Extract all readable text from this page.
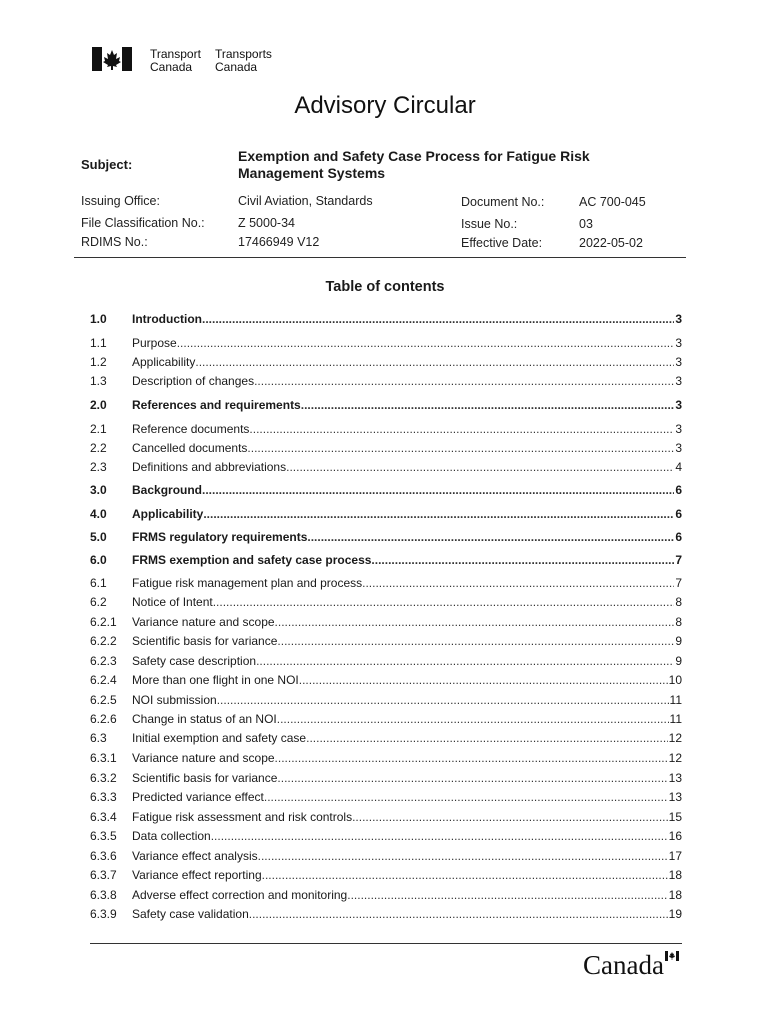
Transport
Canada
Transports
Canada
Advisory Circular
Subject:
Exemption and Safety Case Process for Fatigue Risk Management Systems
Issuing Office:	Civil Aviation, Standards	Document No.:	AC 700-045
File Classification No.:	Z 5000-34	Issue No.:	03
RDIMS No.:	17466949 V12	Effective Date:	2022-05-02
Table of contents
1.0	Introduction .....	3
1.1	Purpose .....	3
1.2	Applicability .....	3
1.3	Description of changes .....	3
2.0	References and requirements .....	3
2.1	Reference documents .....	3
2.2	Cancelled documents .....	3
2.3	Definitions and abbreviations .....	4
3.0	Background .....	6
4.0	Applicability .....	6
5.0	FRMS regulatory requirements .....	6
6.0	FRMS exemption and safety case process .....	7
6.1	Fatigue risk management plan and process .....	7
6.2	Notice of Intent .....	8
6.2.1	Variance nature and scope .....	8
6.2.2	Scientific basis for variance .....	9
6.2.3	Safety case description .....	9
6.2.4	More than one flight in one NOI .....	10
6.2.5	NOI submission .....	11
6.2.6	Change in status of an NOI .....	11
6.3	Initial exemption and safety case .....	12
6.3.1	Variance nature and scope .....	12
6.3.2	Scientific basis for variance .....	13
6.3.3	Predicted variance effect .....	13
6.3.4	Fatigue risk assessment and risk controls .....	15
6.3.5	Data collection .....	16
6.3.6	Variance effect analysis .....	17
6.3.7	Variance effect reporting .....	18
6.3.8	Adverse effect correction and monitoring .....	18
6.3.9	Safety case validation .....	19
Canada
